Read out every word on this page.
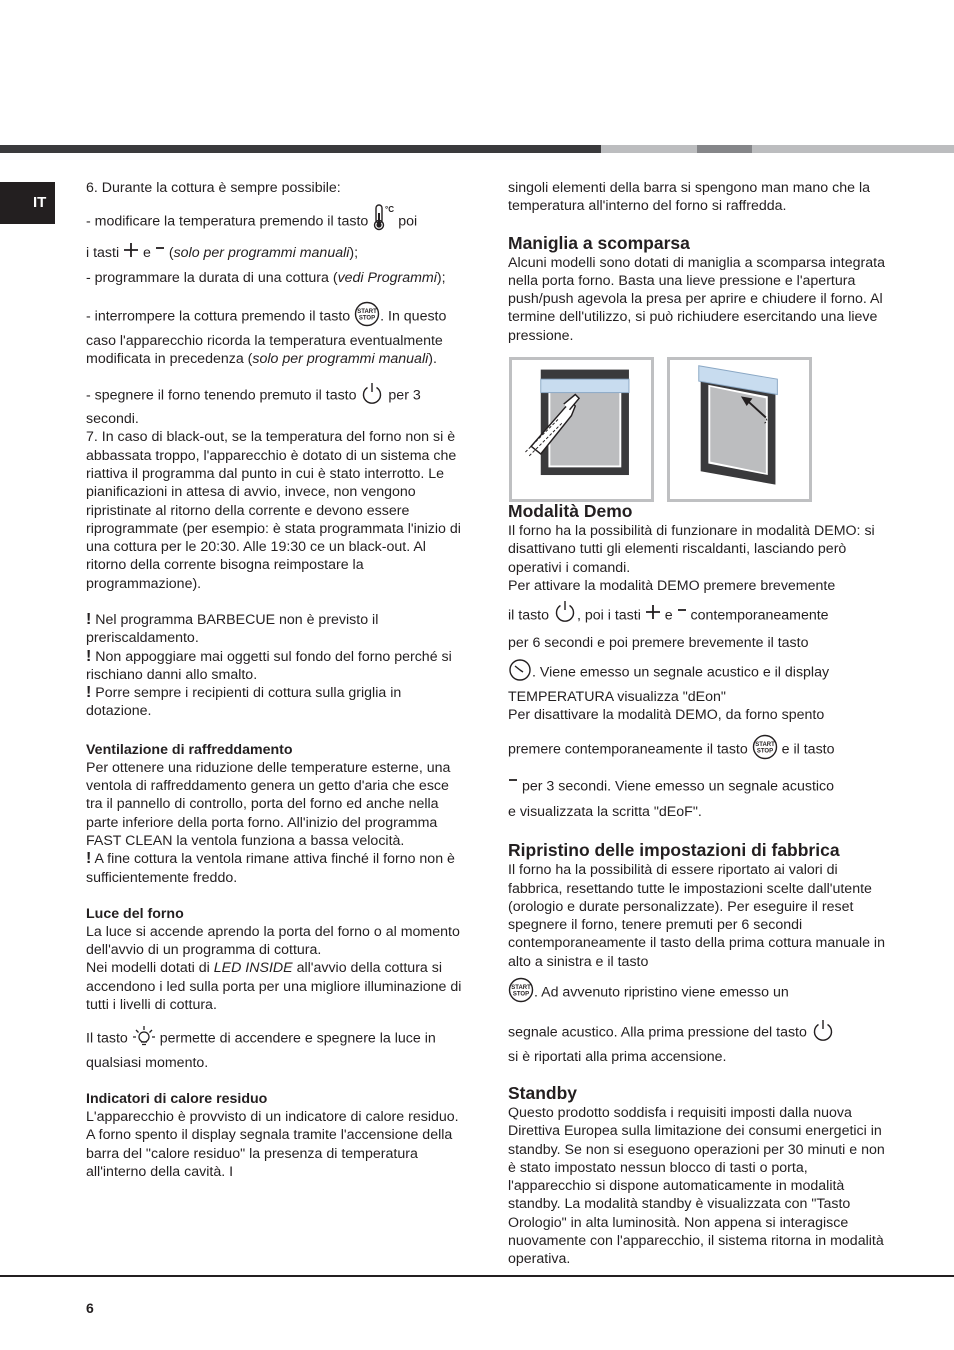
IT

6. Durante la cottura è sempre possibile:

- modificare la temperatura premendo il tasto
°C
poi
i tasti e (solo per programmi manuali);

- programmare la durata di una cottura (vedi Programmi);

- interrompere la cottura premendo il tasto START
STOP . In questo caso l'apparecchio ricorda la temperatura eventualmente modificata in precedenza (solo per programmi manuali).

- spegnere il forno tenendo premuto il tasto per 3 secondi.

7. In caso di black-out, se la temperatura del forno non si è abbassata troppo, l'apparecchio è dotato di un sistema che riattiva il programma dal punto in cui è stato interrotto. Le pianificazioni in attesa di avvio, invece, non vengono ripristinate al ritorno della corrente e devono essere riprogrammate (per esempio: è stata programmata l'inizio di una cottura per le 20:30. Alle 19:30 ce un black-out. Al ritorno della corrente bisogna reimpostare la programmazione).

! Nel programma BARBECUE non è previsto il preriscaldamento.

! Non appoggiare mai oggetti sul fondo del forno perché si rischiano danni allo smalto.

! Porre sempre i recipienti di cottura sulla griglia in dotazione.

Ventilazione di raffreddamento

Per ottenere una riduzione delle temperature esterne, una ventola di raffreddamento genera un getto d'aria che esce tra il pannello di controllo, porta del forno ed anche nella parte inferiore della porta forno. All'inizio del programma FAST CLEAN la ventola funziona a bassa velocità.

! A fine cottura la ventola rimane attiva finché il forno non è sufficientemente freddo.

Luce del forno

La luce si accende aprendo la porta del forno o al momento dell'avvio di un programma di cottura.

Nei modelli dotati di LED INSIDE all'avvio della cottura si accendono i led sulla porta per una migliore illuminazione di tutti i livelli di cottura.

Il tasto permette di accendere e spegnere la luce in qualsiasi momento.

Indicatori di calore residuo

L'apparecchio è provvisto di un indicatore di calore residuo. A forno spento il display segnala tramite l'accensione della barra del "calore residuo" la presenza di temperatura all'interno della cavità. I

singoli elementi della barra si spengono man mano che la temperatura all'interno del forno si raffredda.

Maniglia a scomparsa

Alcuni modelli sono dotati di maniglia a scomparsa integrata nella porta forno. Basta una lieve pressione e l'apertura push/push agevola la presa per aprire e chiudere il forno. Al termine dell'utilizzo, si può richiudere esercitando una lieve pressione.

Modalità Demo

Il forno ha la possibilità di funzionare in modalità DEMO: si disattivano tutti gli elementi riscaldanti, lasciando però operativi i comandi.

Per attivare la modalità DEMO premere brevemente

il tasto , poi i tasti e contemporaneamente

per 6 secondi e poi premere brevemente il tasto

. Viene emesso un segnale acustico e il display TEMPERATURA visualizza "dEon"

Per disattivare la modalità DEMO, da forno spento

premere contemporaneamente il tasto START
STOP e il tasto

per 3 secondi. Viene emesso un segnale acustico

e visualizzata la scritta "dEoF".

Ripristino delle impostazioni di fabbrica

Il forno ha la possibilità di essere riportato ai valori di fabbrica, resettando tutte le impostazioni scelte dall'utente (orologio e durate personalizzate). Per eseguire il reset spegnere il forno, tenere premuti per 6 secondi contemporaneamente il tasto della prima cottura manuale in alto a sinistra e il tasto

START
STOP . Ad avvenuto ripristino viene emesso un

segnale acustico. Alla prima pressione del tasto
si è riportati alla prima accensione.

Standby

Questo prodotto soddisfa i requisiti imposti dalla nuova Direttiva Europea sulla limitazione dei consumi energetici in standby. Se non si eseguono operazioni per 30 minuti e non è stato impostato nessun blocco di tasti o porta, l'apparecchio si dispone automaticamente in modalità standby. La modalità standby è visualizzata con "Tasto Orologio" in alta luminosità. Non appena si interagisce nuovamente con l'apparecchio, il sistema ritorna in modalità operativa.

6
